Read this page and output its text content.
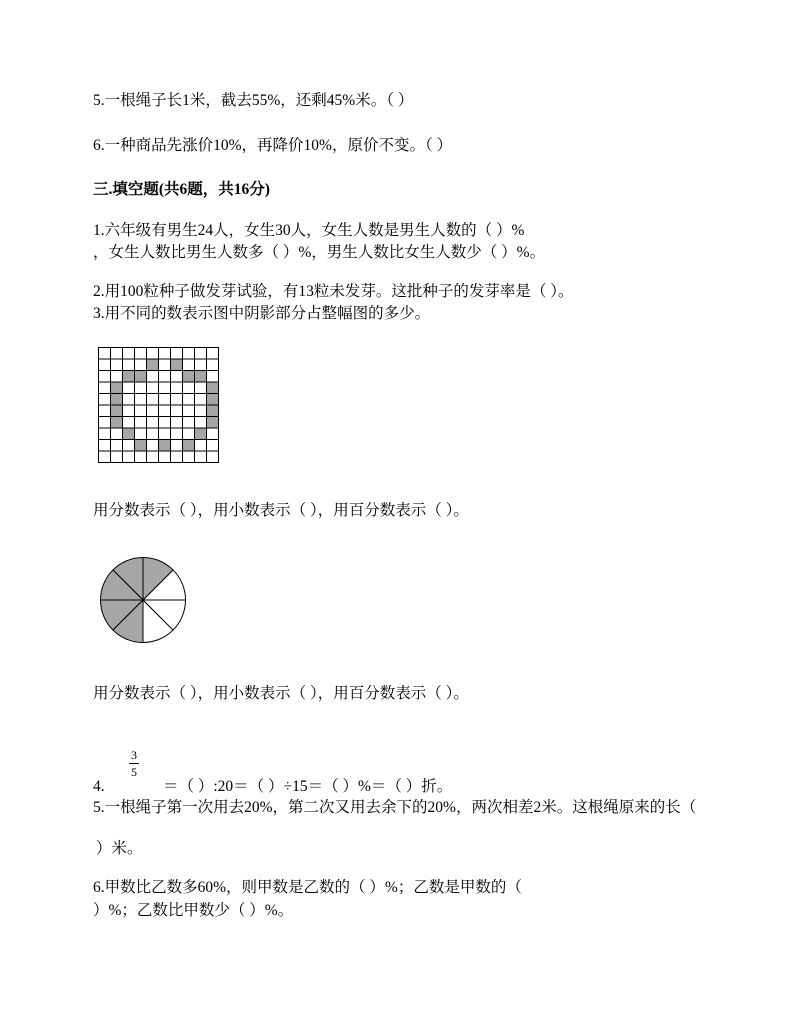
5.一根绳子长1米，截去55%，还剩45%米。（ ）
6.一种商品先涨价10%，再降价10%，原价不变。（ ）
三.填空题(共6题，共16分)
1.六年级有男生24人，女生30人，女生人数是男生人数的（ ）%
，女生人数比男生人数多（ ）%，男生人数比女生人数少（ ）%。
2.用100粒种子做发芽试验，有13粒未发芽。这批种子的发芽率是（ ）。
3.用不同的数表示图中阴影部分占整幅图的多少。
用分数表示（ ），用小数表示（ ），用百分数表示（ ）。
用分数表示（ ），用小数表示（ ），用百分数表示（ ）。
4.
3
5
＝（ ）:20＝（ ）÷15＝（ ）%＝（ ）折。
5.一根绳子第一次用去20%，第二次又用去余下的20%，两次相差2米。这根绳原来的长（
）米。
6.甲数比乙数多60%，则甲数是乙数的（ ）%；乙数是甲数的（
）%；乙数比甲数少（ ）%。
